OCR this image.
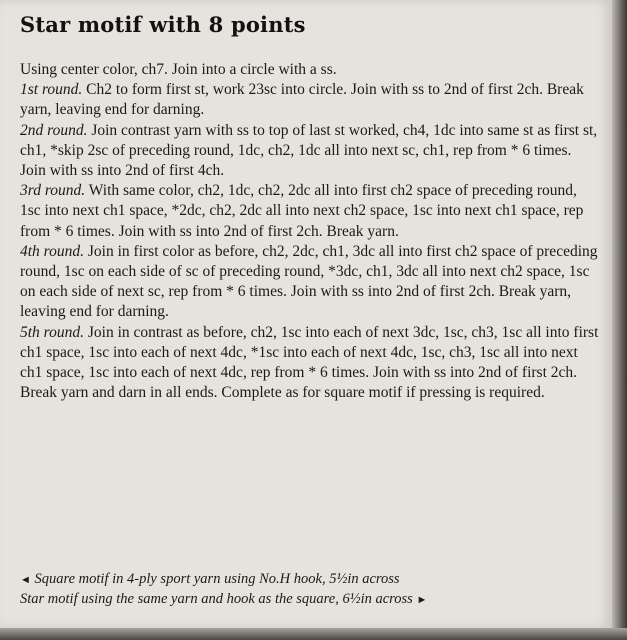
Star motif with 8 points

Using center color, ch7. Join into a circle with a ss.

1st round. Ch2 to form first st, work 23sc into circle. Join with ss to 2nd of first 2ch. Break yarn, leaving end for darning.

2nd round. Join contrast yarn with ss to top of last st worked, ch4, 1dc into same st as first st, ch1, *skip 2sc of preceding round, 1dc, ch2, 1dc all into next sc, ch1, rep from * 6 times. Join with ss into 2nd of first 4ch.

3rd round. With same color, ch2, 1dc, ch2, 2dc all into first ch2 space of preceding round, 1sc into next ch1 space, *2dc, ch2, 2dc all into next ch2 space, 1sc into next ch1 space, rep from * 6 times. Join with ss into 2nd of first 2ch. Break yarn.

4th round. Join in first color as before, ch2, 2dc, ch1, 3dc all into first ch2 space of preceding round, 1sc on each side of sc of preceding round, *3dc, ch1, 3dc all into next ch2 space, 1sc on each side of next sc, rep from * 6 times. Join with ss into 2nd of first 2ch. Break yarn, leaving end for darning.

5th round. Join in contrast as before, ch2, 1sc into each of next 3dc, 1sc, ch3, 1sc all into first ch1 space, 1sc into each of next 4dc, *1sc into each of next 4dc, 1sc, ch3, 1sc all into next ch1 space, 1sc into each of next 4dc, rep from * 6 times. Join with ss into 2nd of first 2ch. Break yarn and darn in all ends. Complete as for square motif if pressing is required.

◄ Square motif in 4-ply sport yarn using No.H hook, 5½in across

Star motif using the same yarn and hook as the square, 6½in across ►
